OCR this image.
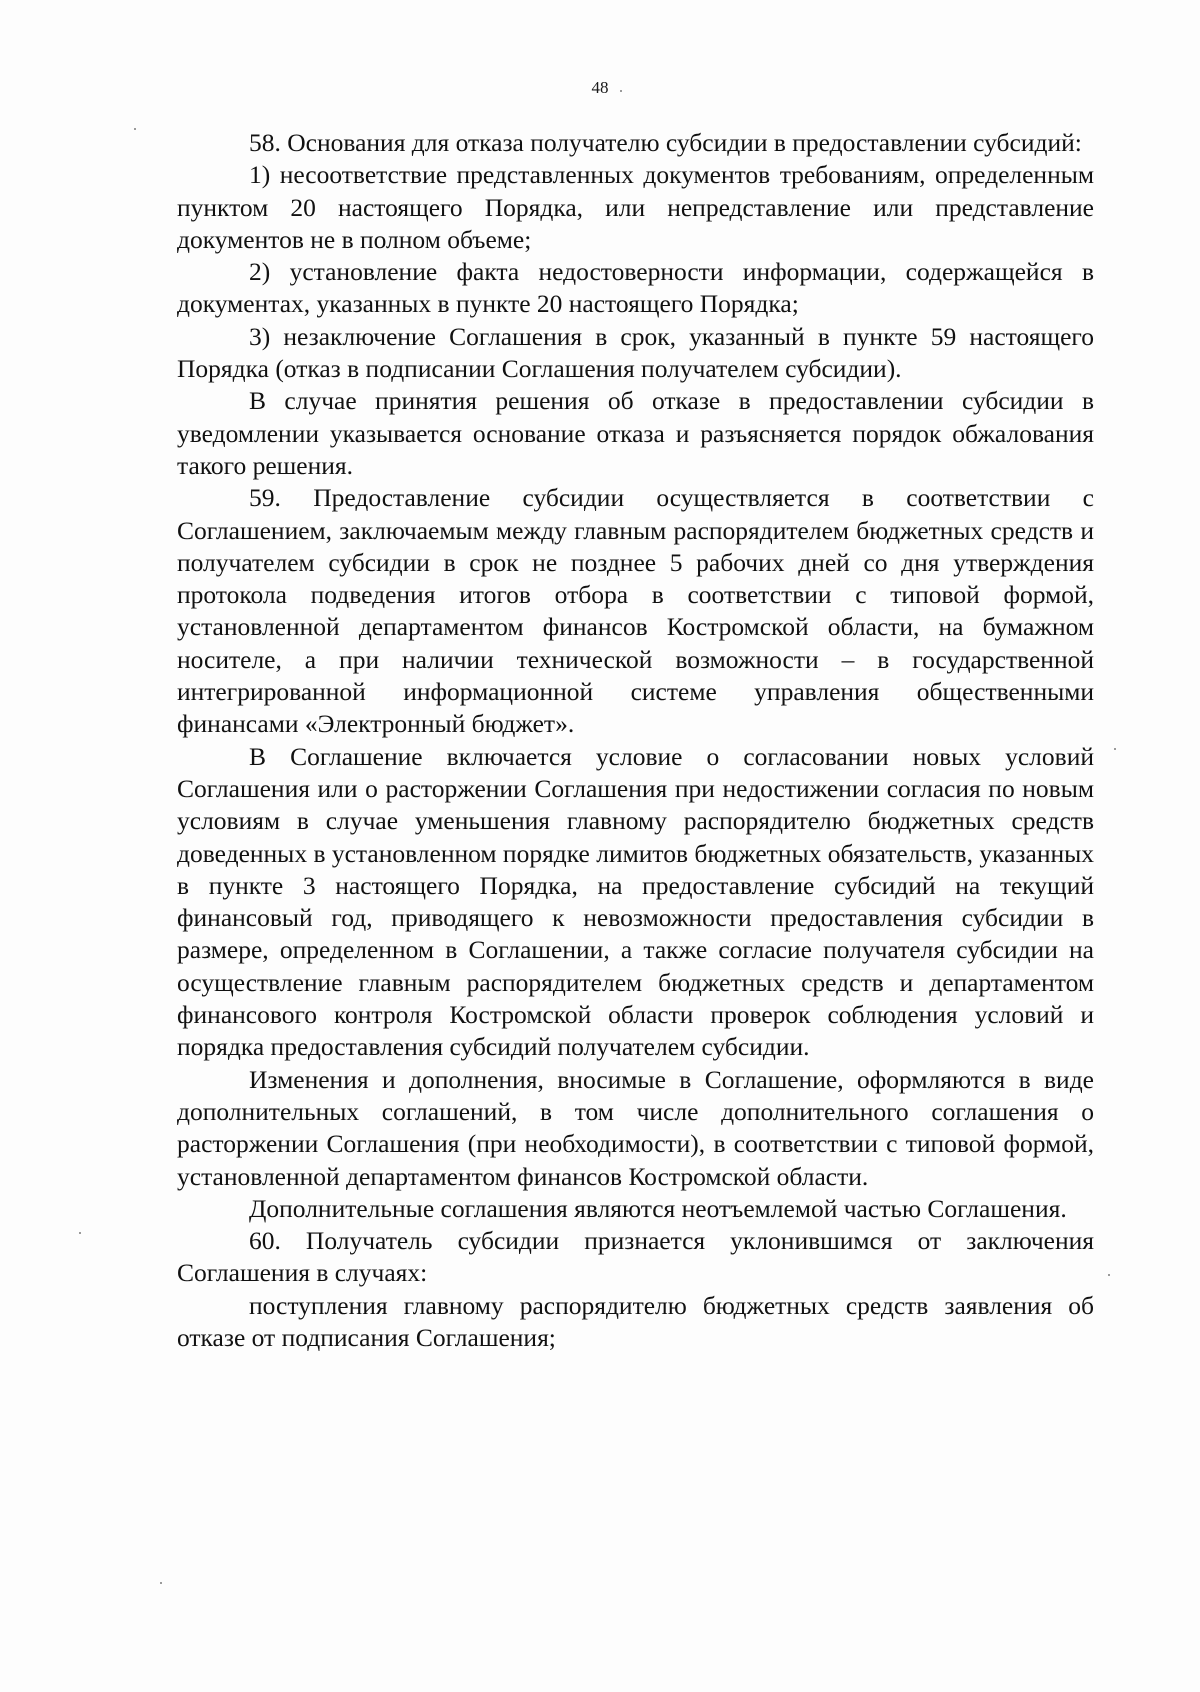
48

58. Основания для отказа получателю субсидии в предоставлении субсидий:

1) несоответствие представленных документов требованиям, определенным пунктом 20 настоящего Порядка, или непредставление или представление документов не в полном объеме;

2) установление факта недостоверности информации, содержащейся в документах, указанных в пункте 20 настоящего Порядка;

3) незаключение Соглашения в срок, указанный в пункте 59 настоящего Порядка (отказ в подписании Соглашения получателем субсидии).

В случае принятия решения об отказе в предоставлении субсидии в уведомлении указывается основание отказа и разъясняется порядок обжалования такого решения.

59. Предоставление субсидии осуществляется в соответствии с Соглашением, заключаемым между главным распорядителем бюджетных средств и получателем субсидии в срок не позднее 5 рабочих дней со дня утверждения протокола подведения итогов отбора в соответствии с типовой формой, установленной департаментом финансов Костромской области, на бумажном носителе, а при наличии технической возможности – в государственной интегрированной информационной системе управления общественными финансами «Электронный бюджет».

В Соглашение включается условие о согласовании новых условий Соглашения или о расторжении Соглашения при недостижении согласия по новым условиям в случае уменьшения главному распорядителю бюджетных средств доведенных в установленном порядке лимитов бюджетных обязательств, указанных в пункте 3 настоящего Порядка, на предоставление субсидий на текущий финансовый год, приводящего к невозможности предоставления субсидии в размере, определенном в Соглашении, а также согласие получателя субсидии на осуществление главным распорядителем бюджетных средств и департаментом финансового контроля Костромской области проверок соблюдения условий и порядка предоставления субсидий получателем субсидии.

Изменения и дополнения, вносимые в Соглашение, оформляются в виде дополнительных соглашений, в том числе дополнительного соглашения о расторжении Соглашения (при необходимости), в соответствии с типовой формой, установленной департаментом финансов Костромской области.

Дополнительные соглашения являются неотъемлемой частью Соглашения.

60. Получатель субсидии признается уклонившимся от заключения Соглашения в случаях:

поступления главному распорядителю бюджетных средств заявления об отказе от подписания Соглашения;
